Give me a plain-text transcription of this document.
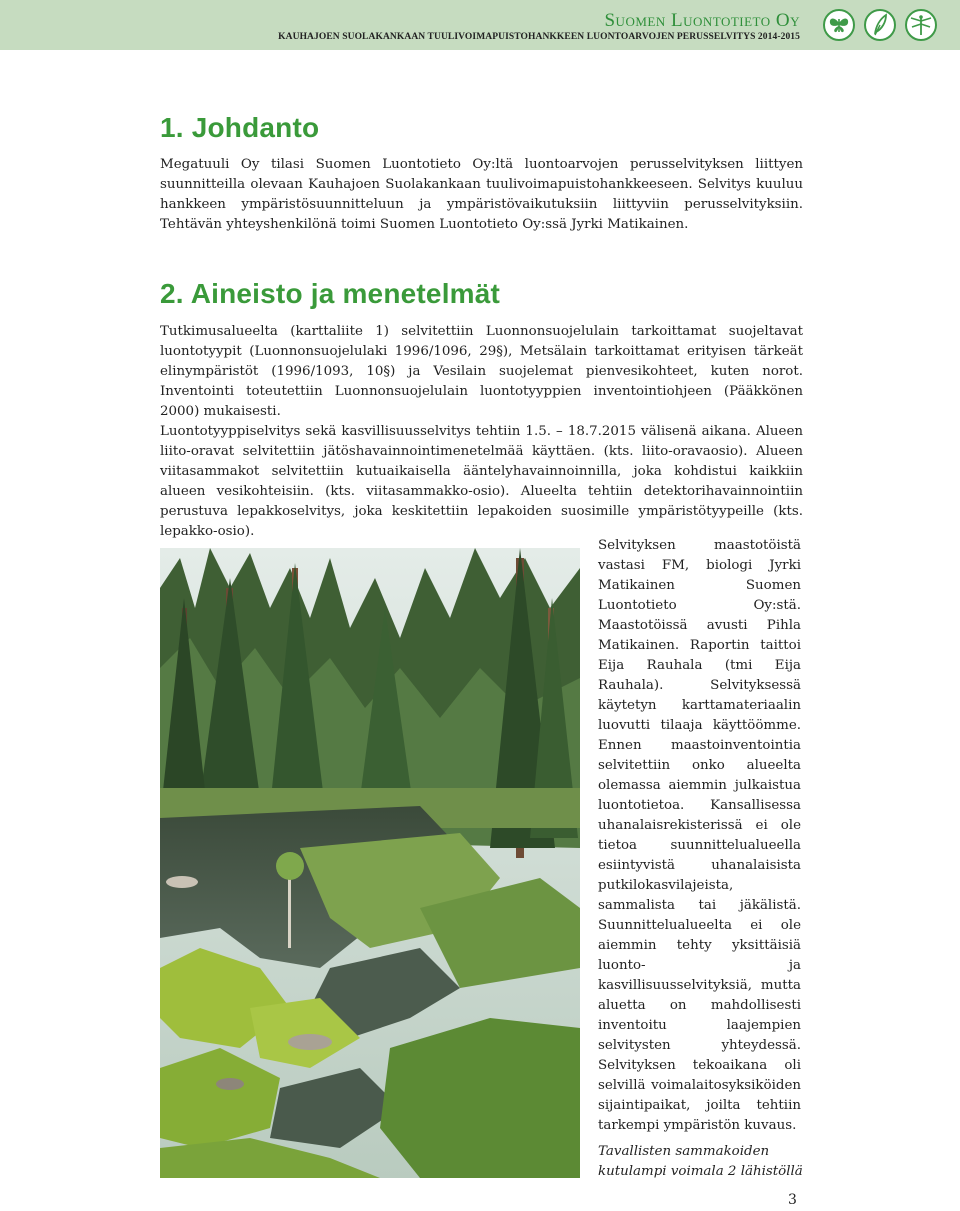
Suomen Luontotieto Oy
KAUHAJOEN SUOLAKANKAAN TUULIVOIMAPUISTOHANKKEEN LUONTOARVOJEN PERUSSELVITYS 2014-2015
1. Johdanto

Megatuuli Oy tilasi Suomen Luontotieto Oy:ltä luontoarvojen perusselvityksen liittyen suunnitteilla olevaan Kauhajoen Suolakankaan tuulivoimapuistohankkeeseen. Selvitys kuuluu hankkeen ympäristösuunnitteluun ja ympäristövaikutuksiin liittyviin perusselvityksiin. Tehtävän yhteyshenkilönä toimi Suomen Luontotieto Oy:ssä Jyrki Matikainen.

2. Aineisto ja menetelmät

Tutkimusalueelta (karttaliite 1) selvitettiin Luonnonsuojelulain tarkoittamat suojeltavat luontotyypit (Luonnonsuojelulaki 1996/1096, 29§), Metsälain tarkoittamat erityisen tärkeät elinympäristöt (1996/1093, 10§) ja Vesilain suojelemat pienvesikohteet, kuten norot. Inventointi toteutettiin Luonnonsuojelulain luontotyyppien inventointiohjeen (Pääkkönen 2000) mukaisesti.

Luontotyyppiselvitys sekä kasvillisuusselvitys tehtiin 1.5. – 18.7.2015 välisenä aikana. Alueen liito-oravat selvitettiin jätöshavainnointimenetelmää käyttäen. (kts. liito-oravaosio). Alueen viitasammakot selvitettiin kutuaikaisella ääntelyhavainnoinnilla, joka kohdistui kaikkiin alueen vesikohteisiin. (kts. viitasammakko-osio). Alueelta tehtiin detektorihavainnointiin perustuva lepakkoselvitys, joka keskitettiin lepakoiden suosimille ympäristötyypeille (kts. lepakko-osio).

Selvityksen maastotöistä vastasi FM, biologi Jyrki Matikainen Suomen Luontotieto Oy:stä. Maastotöissä avusti Pihla Matikainen. Raportin taittoi Eija Rauhala (tmi Eija Rauhala). Selvityksessä käytetyn karttamateriaalin luovutti tilaaja käyttöömme. Ennen maastoinventointia selvitettiin onko alueelta olemassa aiemmin julkaistua luontotietoa. Kansallisessa uhanalaisrekisterissä ei ole tietoa suunnittelualueella esiintyvistä uhanalaisista putkilokasvilajeista, sammalista tai jäkälistä. Suunnittelualueelta ei ole aiemmin tehty yksittäisiä luonto- ja kasvillisuusselvityksiä, mutta aluetta on mahdollisesti inventoitu laajempien selvitysten yhteydessä. Selvityksen tekoaikana oli selvillä voimalaitosyksiköiden sijaintipaikat, joilta tehtiin tarkempi ympäristön kuvaus.

Tavallisten sammakoiden kutulampi voimala 2 lähistöllä

3
